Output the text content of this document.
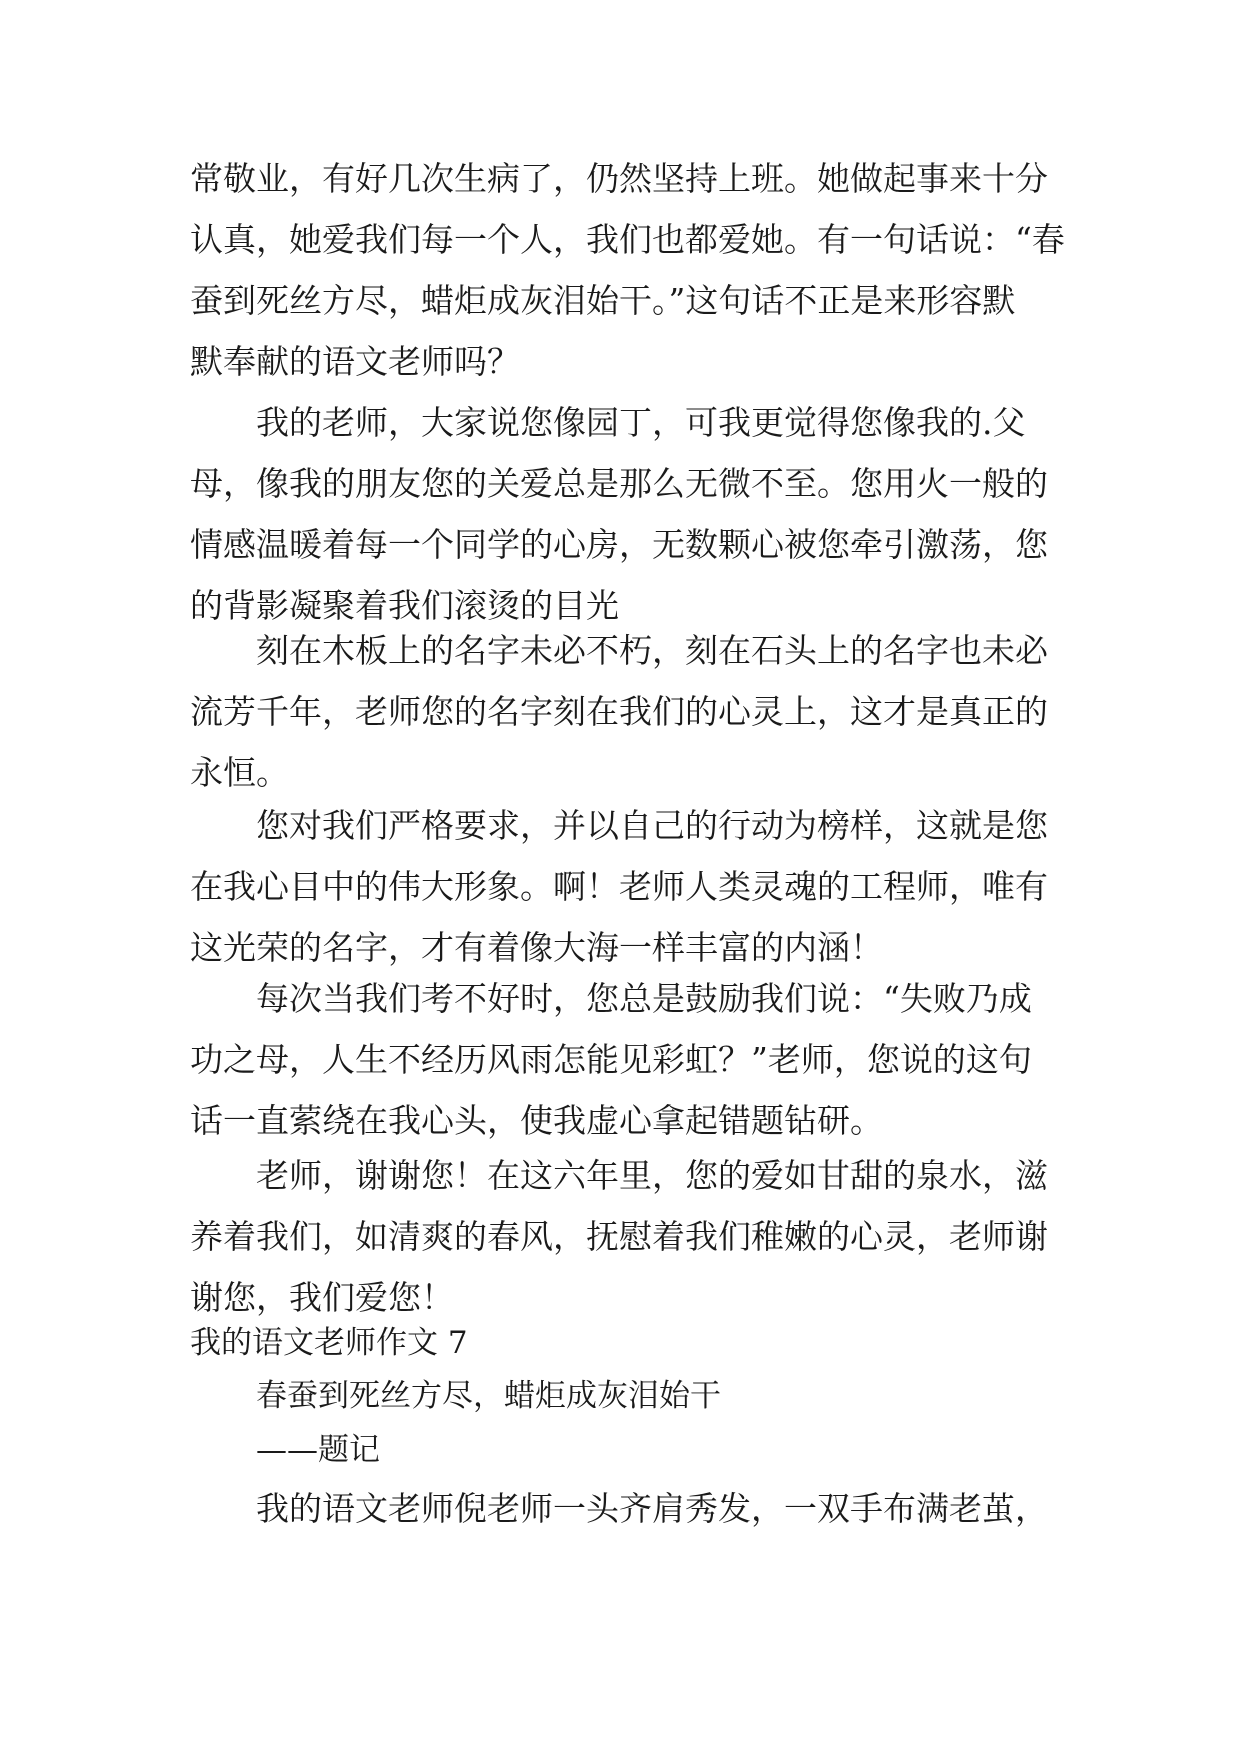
常敬业，有好几次生病了，仍然坚持上班。她做起事来十分
认真，她爱我们每一个人，我们也都爱她。有一句话说：“春
蚕到死丝方尽，蜡炬成灰泪始干。”这句话不正是来形容默
默奉献的语文老师吗？
我的老师，大家说您像园丁，可我更觉得您像我的.父
母，像我的朋友您的关爱总是那么无微不至。您用火一般的
情感温暖着每一个同学的心房，无数颗心被您牵引激荡，您
的背影凝聚着我们滚烫的目光
刻在木板上的名字未必不朽，刻在石头上的名字也未必
流芳千年，老师您的名字刻在我们的心灵上，这才是真正的
永恒。
您对我们严格要求，并以自己的行动为榜样，这就是您
在我心目中的伟大形象。啊！老师人类灵魂的工程师，唯有
这光荣的名字，才有着像大海一样丰富的内涵！
每次当我们考不好时，您总是鼓励我们说：“失败乃成
功之母，人生不经历风雨怎能见彩虹？”老师，您说的这句
话一直萦绕在我心头，使我虚心拿起错题钻研。
老师，谢谢您！在这六年里，您的爱如甘甜的泉水，滋
养着我们，如清爽的春风，抚慰着我们稚嫩的心灵，老师谢
谢您，我们爱您！
我的语文老师作文 7
春蚕到死丝方尽，蜡炬成灰泪始干
——题记
我的语文老师倪老师一头齐肩秀发，一双手布满老茧，
